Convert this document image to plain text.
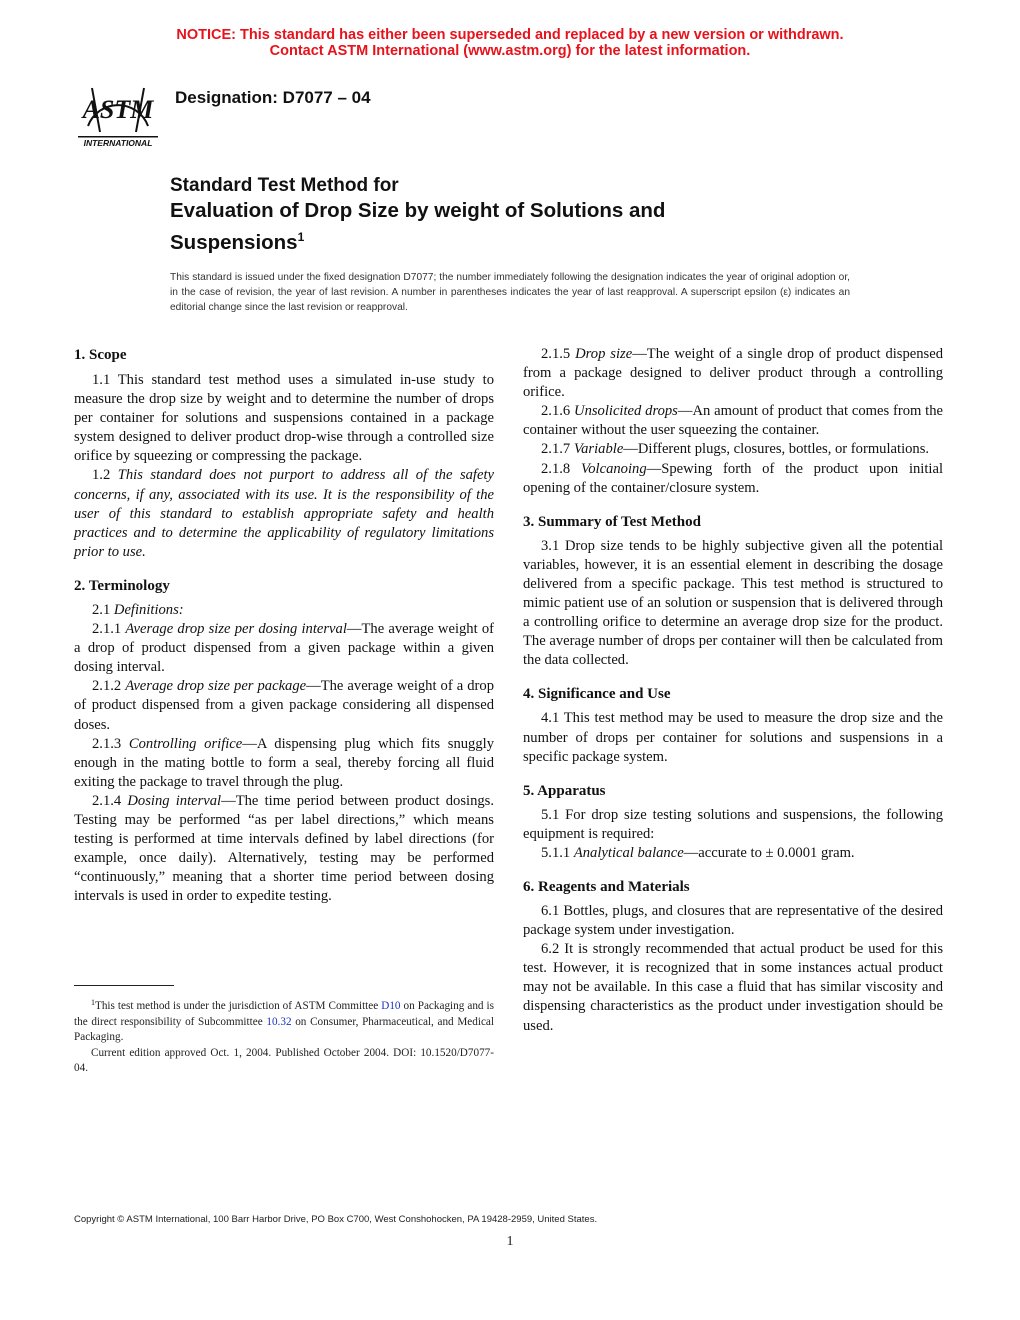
NOTICE: This standard has either been superseded and replaced by a new version or withdrawn.
Contact ASTM International (www.astm.org) for the latest information.
ASTM
INTERNATIONAL
Designation: D7077 – 04
Standard Test Method for
Evaluation of Drop Size by weight of Solutions and
Suspensions$^1$
This standard is issued under the fixed designation D7077; the number immediately following the designation indicates the year of original adoption or, in the case of revision, the year of last revision. A number in parentheses indicates the year of last reapproval. A superscript epsilon (ε) indicates an editorial change since the last revision or reapproval.
1. Scope

1.1 This standard test method uses a simulated in-use study to measure the drop size by weight and to determine the number of drops per container for solutions and suspensions contained in a package system designed to deliver product drop-wise through a controlled size orifice by squeezing or compressing the package.

1.2 This standard does not purport to address all of the safety concerns, if any, associated with its use. It is the responsibility of the user of this standard to establish appropriate safety and health practices and to determine the applicability of regulatory limitations prior to use.

2. Terminology

2.1 Definitions:

2.1.1 Average drop size per dosing interval—The average weight of a drop of product dispensed from a given package within a given dosing interval.

2.1.2 Average drop size per package—The average weight of a drop of product dispensed from a given package considering all dispensed doses.

2.1.3 Controlling orifice—A dispensing plug which fits snuggly enough in the mating bottle to form a seal, thereby forcing all fluid exiting the package to travel through the plug.

2.1.4 Dosing interval—The time period between product dosings. Testing may be performed “as per label directions,” which means testing is performed at time intervals defined by label directions (for example, once daily). Alternatively, testing may be performed “continuously,” meaning that a shorter time period between dosing intervals is used in order to expedite testing.

2.1.5 Drop size—The weight of a single drop of product dispensed from a package designed to deliver product through a controlling orifice.

2.1.6 Unsolicited drops—An amount of product that comes from the container without the user squeezing the container.

2.1.7 Variable—Different plugs, closures, bottles, or formulations.

2.1.8 Volcanoing—Spewing forth of the product upon initial opening of the container/closure system.

3. Summary of Test Method

3.1 Drop size tends to be highly subjective given all the potential variables, however, it is an essential element in describing the dosage delivered from a specific package. This test method is structured to mimic patient use of an solution or suspension that is delivered through a controlling orifice to determine an average drop size for the product. The average number of drops per container will then be calculated from the data collected.

4. Significance and Use

4.1 This test method may be used to measure the drop size and the number of drops per container for solutions and suspensions in a specific package system.

5. Apparatus

5.1 For drop size testing solutions and suspensions, the following equipment is required:

5.1.1 Analytical balance—accurate to ± 0.0001 gram.

6. Reagents and Materials

6.1 Bottles, plugs, and closures that are representative of the desired package system under investigation.

6.2 It is strongly recommended that actual product be used for this test. However, it is recognized that in some instances actual product may not be available. In this case a fluid that has similar viscosity and dispensing characteristics as the product under investigation should be used.

$^1$This test method is under the jurisdiction of ASTM Committee D10 on Packaging and is the direct responsibility of Subcommittee 10.32 on Consumer, Pharmaceutical, and Medical Packaging.

Current edition approved Oct. 1, 2004. Published October 2004. DOI: 10.1520/D7077-04.

Copyright © ASTM International, 100 Barr Harbor Drive, PO Box C700, West Conshohocken, PA 19428-2959, United States.
1
